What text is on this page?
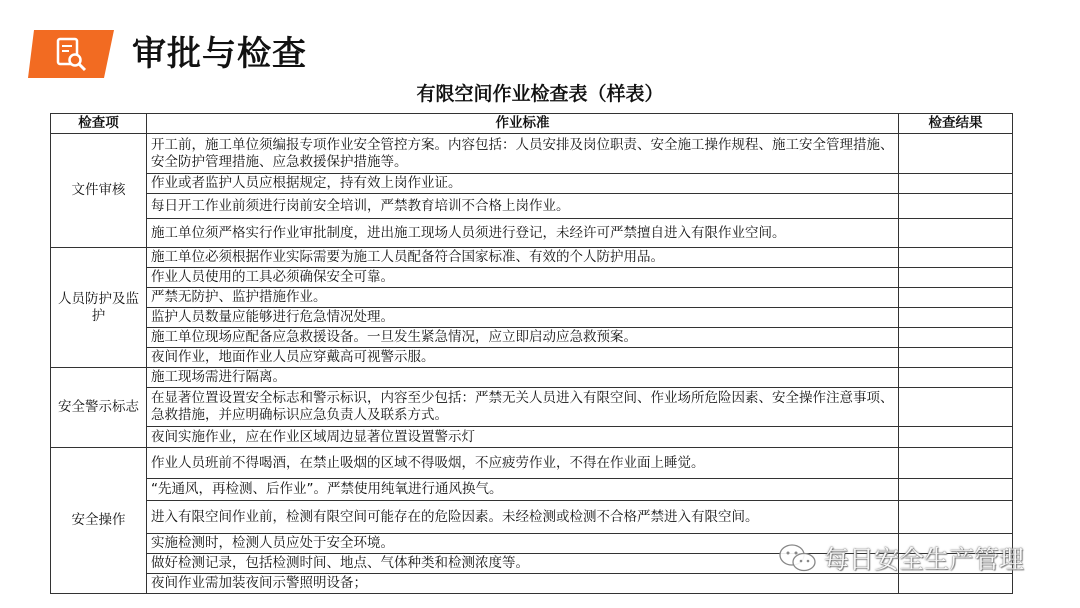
审批与检查
有限空间作业检查表（样表）
检查项	作业标准	检查结果
文件审核	开工前，施工单位须编报专项作业安全管控方案。内容包括：人员安排及岗位职责、安全施工操作规程、施工安全管理措施、安全防护管理措施、应急救援保护措施等。	
	作业或者监护人员应根据规定，持有效上岗作业证。	
	每日开工作业前须进行岗前安全培训，严禁教育培训不合格上岗作业。	
	施工单位须严格实行作业审批制度，进出施工现场人员须进行登记，未经许可严禁擅自进入有限作业空间。	
人员防护及监护	施工单位必须根据作业实际需要为施工人员配备符合国家标准、有效的个人防护用品。	
	作业人员使用的工具必须确保安全可靠。	
	严禁无防护、监护措施作业。	
	监护人员数量应能够进行危急情况处理。	
	施工单位现场应配备应急救援设备。一旦发生紧急情况，应立即启动应急救预案。	
	夜间作业，地面作业人员应穿戴高可视警示服。	
安全警示标志	施工现场需进行隔离。	
	在显著位置设置安全标志和警示标识，内容至少包括：严禁无关人员进入有限空间、作业场所危险因素、安全操作注意事项、急救措施，并应明确标识应急负责人及联系方式。	
	夜间实施作业，应在作业区域周边显著位置设置警示灯	
安全操作	作业人员班前不得喝酒，在禁止吸烟的区域不得吸烟，不应疲劳作业，不得在作业面上睡觉。	
	“先通风，再检测、后作业”。严禁使用纯氧进行通风换气。	
	进入有限空间作业前，检测有限空间可能存在的危险因素。未经检测或检测不合格严禁进入有限空间。	
	实施检测时，检测人员应处于安全环境。	
	做好检测记录，包括检测时间、地点、气体种类和检测浓度等。	
	夜间作业需加装夜间示警照明设备；	
每日安全生产管理
